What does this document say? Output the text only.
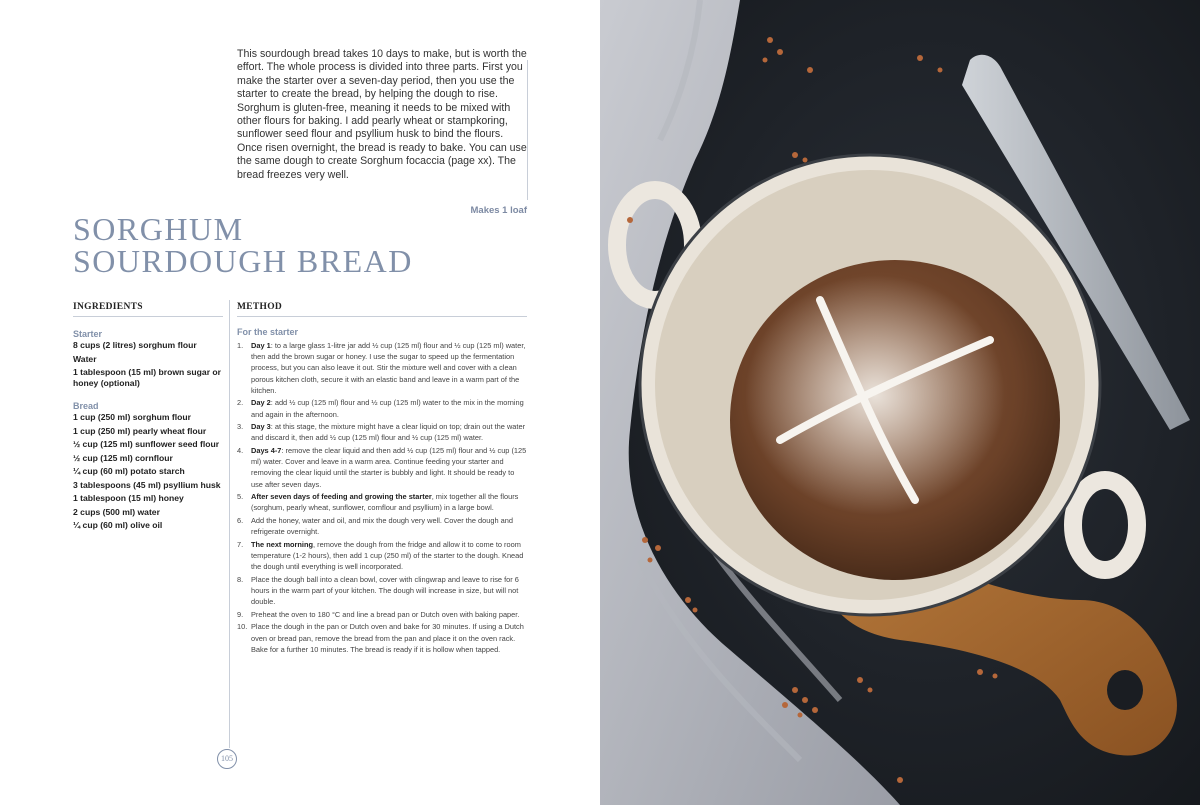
This sourdough bread takes 10 days to make, but is worth the effort. The whole process is divided into three parts. First you make the starter over a seven-day period, then you use the starter to create the bread, by helping the dough to rise. Sorghum is gluten-free, meaning it needs to be mixed with other flours for baking. I add pearly wheat or stampkoring, sunflower seed flour and psyllium husk to bind the flours. Once risen overnight, the bread is ready to bake. You can use the same dough to create Sorghum focaccia (page xx). The bread freezes very well.
Makes 1 loaf
SORGHUM
SOURDOUGH BREAD
INGREDIENTS	METHOD
Starter
8 cups (2 litres) sorghum flour
Water
1 tablespoon (15 ml) brown sugar or honey (optional)
Bread
1 cup (250 ml) sorghum flour
1 cup (250 ml) pearly wheat flour
½ cup (125 ml) sunflower seed flour
½ cup (125 ml) cornflour
¼ cup (60 ml) potato starch
3 tablespoons (45 ml) psyllium husk
1 tablespoon (15 ml) honey
2 cups (500 ml) water
¼ cup (60 ml) olive oil
For the starter
1. Day 1: to a large glass 1-litre jar add ½ cup (125 ml) flour and ½ cup (125 ml) water, then add the brown sugar or honey. I use the sugar to speed up the fermentation process, but you can also leave it out. Stir the mixture well and cover with a clean porous kitchen cloth, secure it with an elastic band and leave in a warm part of the kitchen.
2. Day 2: add ½ cup (125 ml) flour and ½ cup (125 ml) water to the mix in the morning and again in the afternoon.
3. Day 3: at this stage, the mixture might have a clear liquid on top; drain out the water and discard it, then add ½ cup (125 ml) flour and ½ cup (125 ml) water.
4. Days 4-7: remove the clear liquid and then add ½ cup (125 ml) flour and ½ cup (125 ml) water. Cover and leave in a warm area. Continue feeding your starter and removing the clear liquid until the starter is bubbly and light. It should be ready to use after seven days.
5. After seven days of feeding and growing the starter, mix together all the flours (sorghum, pearly wheat, sunflower, cornflour and psyllium) in a large bowl.
6. Add the honey, water and oil, and mix the dough very well. Cover the dough and refrigerate overnight.
7. The next morning, remove the dough from the fridge and allow it to come to room temperature (1-2 hours), then add 1 cup (250 ml) of the starter to the dough. Knead the dough until everything is well incorporated.
8. Place the dough ball into a clean bowl, cover with clingwrap and leave to rise for 6 hours in the warm part of your kitchen. The dough will increase in size, but will not double.
9. Preheat the oven to 180 °C and line a bread pan or Dutch oven with baking paper.
10. Place the dough in the pan or Dutch oven and bake for 30 minutes. If using a Dutch oven or bread pan, remove the bread from the pan and place it on the oven rack. Bake for a further 10 minutes. The bread is ready if it is hollow when tapped.
105
